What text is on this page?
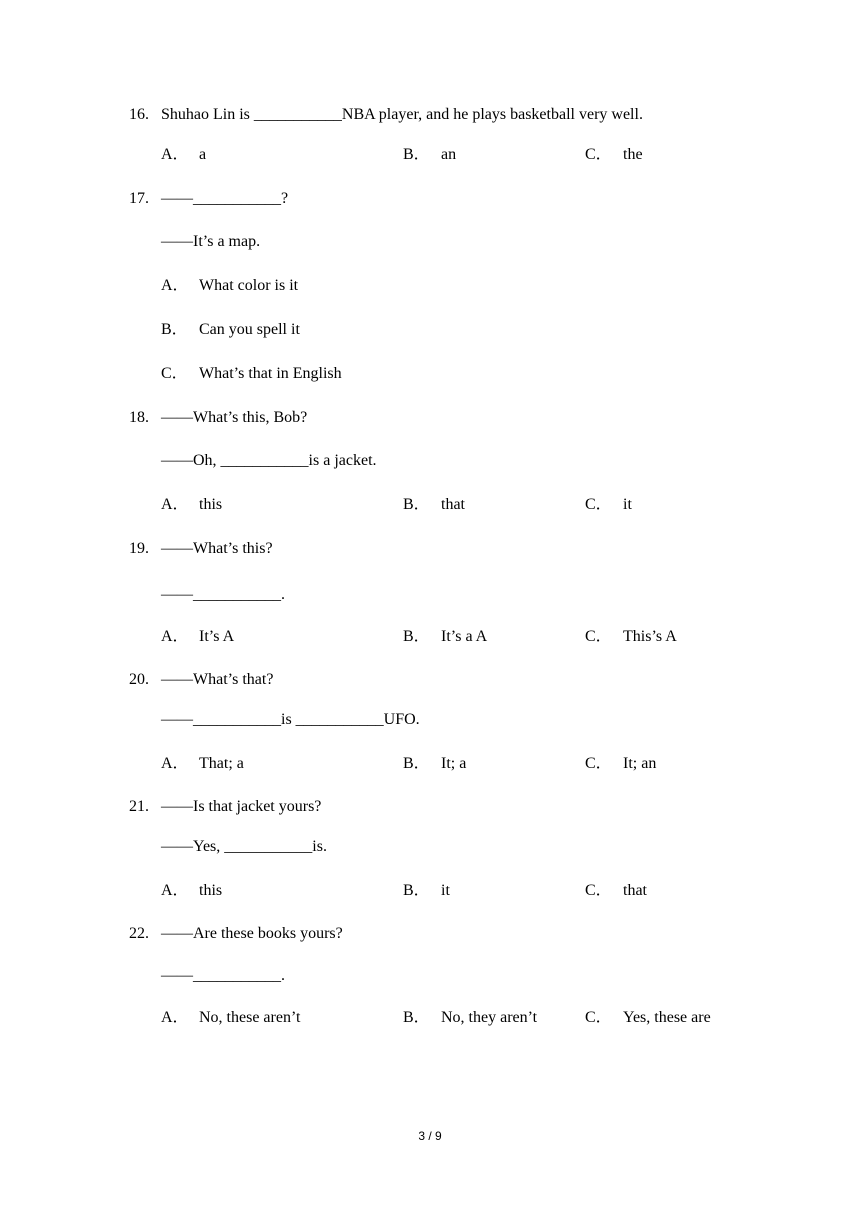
16. Shuhao Lin is ___________NBA player, and he plays basketball very well.
A． a	B． an	C． the
17. ——___________?
——It’s a map.
A． What color is it
B． Can you spell it
C． What’s that in English
18. ——What’s this, Bob?
——Oh, ___________is a jacket.
A． this	B． that	C． it
19. ——What’s this?
——___________.
A． It’s A	B． It’s a A	C． This’s A
20. ——What’s that?
——___________is ___________UFO.
A． That; a	B． It; a	C． It; an
21. ——Is that jacket yours?
——Yes, ___________is.
A． this	B． it	C． that
22. ——Are these books yours?
——___________.
A． No, these aren’t	B． No, they aren’t	C． Yes, these are
3 / 9
